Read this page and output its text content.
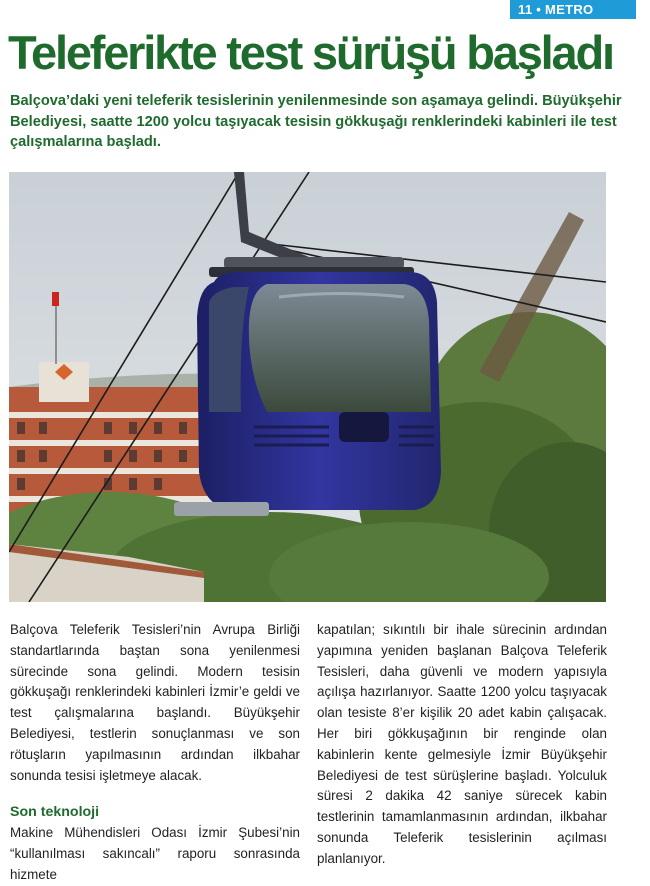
11 • METRO
Teleferikte test sürüşü başladı

Balçova’daki yeni teleferik tesislerinin yenilenmesinde son aşamaya gelindi. Büyükşehir Belediyesi, saatte 1200 yolcu taşıyacak tesisin gökkuşağı renklerindeki kabinleri ile test çalışmalarına başladı.

Balçova Teleferik Tesisleri’nin Avrupa Birliği standartlarında baştan sona yenilenmesi sürecinde sona gelindi. Modern tesisin gökkuşağı renklerindeki kabinleri İzmir’e geldi ve test çalışmalarına başlandı. Büyükşehir Belediyesi, testlerin sonuçlanması ve son rötuşların yapılmasının ardından ilkbahar sonunda tesisi işletmeye alacak.

Son teknoloji

Makine Mühendisleri Odası İzmir Şubesi’nin “kullanılması sakıncalı” raporu sonrasında hizmete

kapatılan; sıkıntılı bir ihale sürecinin ardından yapımına yeniden başlanan Balçova Teleferik Tesisleri, daha güvenli ve modern yapısıyla açılışa hazırlanıyor. Saatte 1200 yolcu taşıyacak olan tesiste 8’er kişilik 20 adet kabin çalışacak. Her biri gökkuşağının bir renginde olan kabinlerin kente gelmesiyle İzmir Büyükşehir Belediyesi de test sürüşlerine başladı. Yolculuk süresi 2 dakika 42 saniye sürecek kabin testlerinin tamamlanmasının ardından, ilkbahar sonunda Teleferik tesislerinin açılması planlanıyor.
